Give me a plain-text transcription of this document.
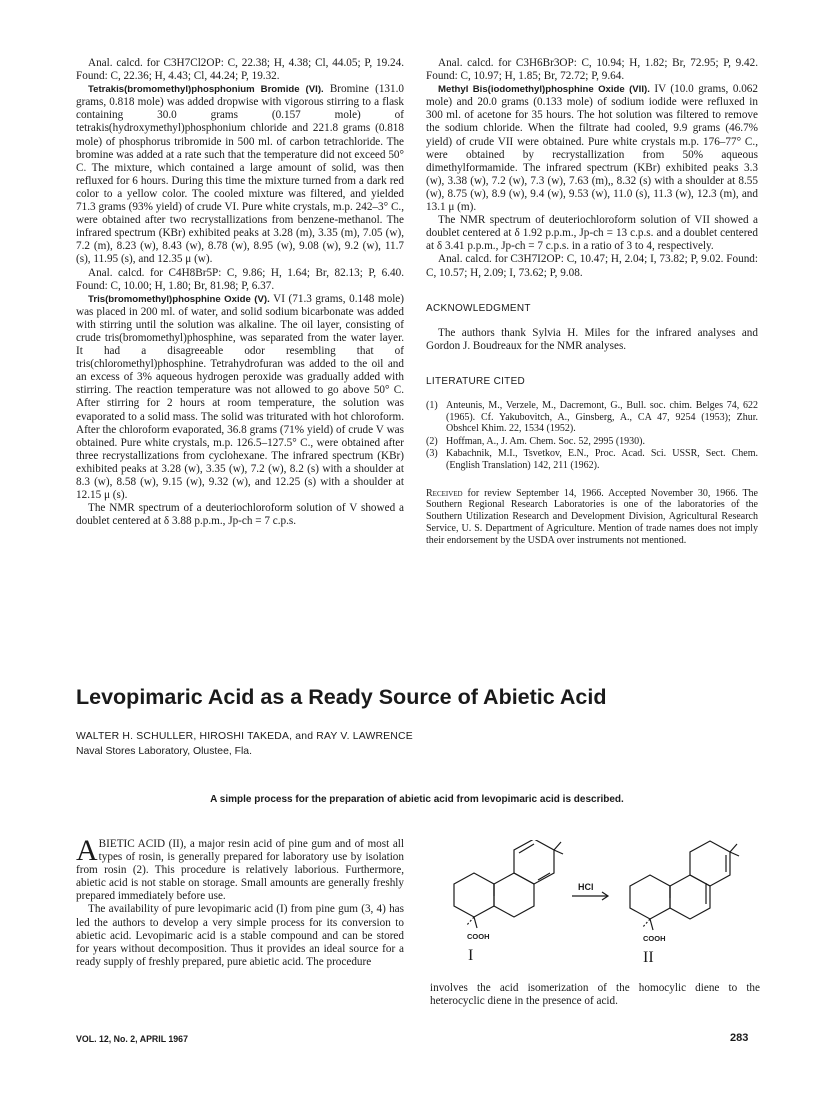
Anal. calcd. for C3H7Cl2OP: C, 22.38; H, 4.38; Cl, 44.05; P, 19.24. Found: C, 22.36; H, 4.43; Cl, 44.24; P, 19.32.

Tetrakis(bromomethyl)phosphonium Bromide (VI). Bromine (131.0 grams, 0.818 mole) was added dropwise with vigorous stirring to a flask containing 30.0 grams (0.157 mole) of tetrakis(hydroxymethyl)phosphonium chloride and 221.8 grams (0.818 mole) of phosphorus tribromide in 500 ml. of carbon tetrachloride. The bromine was added at a rate such that the temperature did not exceed 50° C. The mixture, which contained a large amount of solid, was then refluxed for 6 hours. During this time the mixture turned from a dark red color to a yellow color. The cooled mixture was filtered, and yielded 71.3 grams (93% yield) of crude VI. Pure white crystals, m.p. 242–3° C., were obtained after two recrystallizations from benzene-methanol. The infrared spectrum (KBr) exhibited peaks at 3.28 (m), 3.35 (m), 7.05 (w), 7.2 (m), 8.23 (w), 8.43 (w), 8.78 (w), 8.95 (w), 9.08 (w), 9.2 (w), 11.7 (s), 11.95 (s), and 12.35 μ (w).

Anal. calcd. for C4H8Br5P: C, 9.86; H, 1.64; Br, 82.13; P, 6.40. Found: C, 10.00; H, 1.80; Br, 81.98; P, 6.37.

Tris(bromomethyl)phosphine Oxide (V). VI (71.3 grams, 0.148 mole) was placed in 200 ml. of water, and solid sodium bicarbonate was added with stirring until the solution was alkaline. The oil layer, consisting of crude tris(bromomethyl)phosphine, was separated from the water layer. It had a disagreeable odor resembling that of tris(chloromethyl)phosphine. Tetrahydrofuran was added to the oil and an excess of 3% aqueous hydrogen peroxide was gradually added with stirring. The reaction temperature was not allowed to go above 50° C. After stirring for 2 hours at room temperature, the solution was evaporated to a solid mass. The solid was triturated with hot chloroform. After the chloroform evaporated, 36.8 grams (71% yield) of crude V was obtained. Pure white crystals, m.p. 126.5–127.5° C., were obtained after three recrystallizations from cyclohexane. The infrared spectrum (KBr) exhibited peaks at 3.28 (w), 3.35 (w), 7.2 (w), 8.2 (s) with a shoulder at 8.3 (w), 8.58 (w), 9.15 (w), 9.32 (w), and 12.25 (s) with a shoulder at 12.15 μ (s).

The NMR spectrum of a deuteriochloroform solution of V showed a doublet centered at δ 3.88 p.p.m., Jp-ch = 7 c.p.s.

Anal. calcd. for C3H6Br3OP: C, 10.94; H, 1.82; Br, 72.95; P, 9.42. Found: C, 10.97; H, 1.85; Br, 72.72; P, 9.64.

Methyl Bis(iodomethyl)phosphine Oxide (VII). IV (10.0 grams, 0.062 mole) and 20.0 grams (0.133 mole) of sodium iodide were refluxed in 300 ml. of acetone for 35 hours. The hot solution was filtered to remove the sodium chloride. When the filtrate had cooled, 9.9 grams (46.7% yield) of crude VII were obtained. Pure white crystals m.p. 176–77° C., were obtained by recrystallization from 50% aqueous dimethylformamide. The infrared spectrum (KBr) exhibited peaks 3.3 (w), 3.38 (w), 7.2 (w), 7.3 (w), 7.63 (m),, 8.32 (s) with a shoulder at 8.55 (w), 8.75 (w), 8.9 (w), 9.4 (w), 9.53 (w), 11.0 (s), 11.3 (w), 12.3 (m), and 13.1 μ (m).

The NMR spectrum of deuteriochloroform solution of VII showed a doublet centered at δ 1.92 p.p.m., Jp-ch = 13 c.p.s. and a doublet centered at δ 3.41 p.p.m., Jp-ch = 7 c.p.s. in a ratio of 3 to 4, respectively.

Anal. calcd. for C3H7I2OP: C, 10.47; H, 2.04; I, 73.82; P, 9.02. Found: C, 10.57; H, 2.09; I, 73.62; P, 9.08.

ACKNOWLEDGMENT

The authors thank Sylvia H. Miles for the infrared analyses and Gordon J. Boudreaux for the NMR analyses.

LITERATURE CITED

(1) Anteunis, M., Verzele, M., Dacremont, G., Bull. soc. chim. Belges 74, 622 (1965). Cf. Yakubovitch, A., Ginsberg, A., CA 47, 9254 (1953); Zhur. Obshcel Khim. 22, 1534 (1952).
(2) Hoffman, A., J. Am. Chem. Soc. 52, 2995 (1930).
(3) Kabachnik, M.I., Tsvetkov, E.N., Proc. Acad. Sci. USSR, Sect. Chem. (English Translation) 142, 211 (1962).

Received for review September 14, 1966. Accepted November 30, 1966. The Southern Regional Research Laboratories is one of the laboratories of the Southern Utilization Research and Development Division, Agricultural Research Service, U. S. Department of Agriculture. Mention of trade names does not imply their endorsement by the USDA over instruments not mentioned.

Levopimaric Acid as a Ready Source of Abietic Acid
WALTER H. SCHULLER, HIROSHI TAKEDA, and RAY V. LAWRENCE
Naval Stores Laboratory, Olustee, Fla.
A simple process for the preparation of abietic acid from levopimaric acid is described.

ABIETIC ACID (II), a major resin acid of pine gum and of most all types of rosin, is generally prepared for laboratory use by isolation from rosin (2). This procedure is relatively laborious. Furthermore, abietic acid is not stable on storage. Small amounts are generally freshly prepared immediately before use.

The availability of pure levopimaric acid (I) from pine gum (3, 4) has led the authors to develop a very simple process for its conversion to abietic acid. Levopimaric acid is a stable compound and can be stored for years without decomposition. Thus it provides an ideal source for a ready supply of freshly prepared, pure abietic acid. The procedure

HCl
COOH	COOH
I	II
involves the acid isomerization of the homocylic diene to the heterocyclic diene in the presence of acid.
VOL. 12, No. 2, APRIL 1967	283
